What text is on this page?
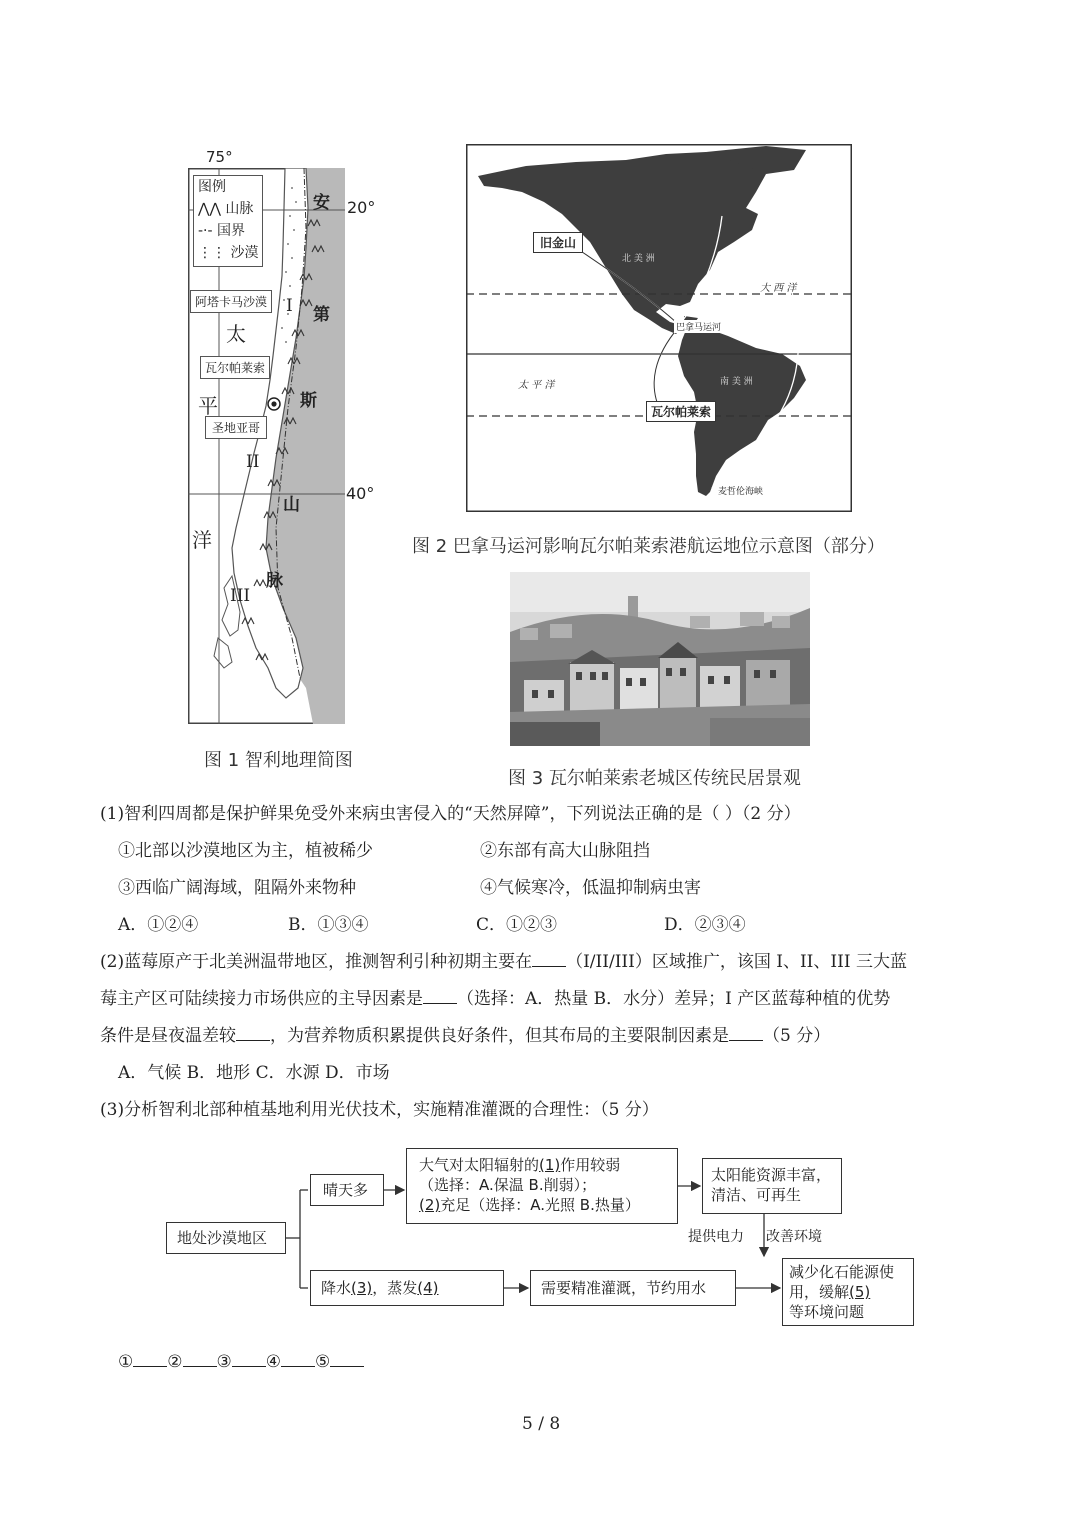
75°
20°
40°
图例
⋀⋀ 山脉
-·- 国界
⋮⋮ 沙漠
阿塔卡马沙漠
瓦尔帕莱索
圣地亚哥
I
II
III
太
平
洋
安
第
斯
山
脉
图 1 智利地理简图
旧金山
北 美 洲
大 西 洋
巴拿马运河
太 平 洋	南 美 洲
瓦尔帕莱索
麦哲伦海峡
图 2 巴拿马运河影响瓦尔帕莱索港航运地位示意图（部分）
图 3 瓦尔帕莱索老城区传统民居景观
(1)智利四周都是保护鲜果免受外来病虫害侵入的“天然屏障”，下列说法正确的是（ ）（2 分）
①北部以沙漠地区为主，植被稀少	②东部有高大山脉阻挡
③西临广阔海域，阻隔外来物种	④气候寒冷，低温抑制病虫害
A．①②④	B．①③④	C．①②③	D．②③④
(2)蓝莓原产于北美洲温带地区，推测智利引种初期主要在 （I/II/III）区域推广，该国 I、II、III 三大蓝
莓主产区可陆续接力市场供应的主导因素是 （选择：A．热量 B．水分）差异；I 产区蓝莓种植的优势
条件是昼夜温差较 ，为营养物质积累提供良好条件，但其布局的主要限制因素是 （5 分）
A．气候 B．地形 C．水源 D．市场
(3)分析智利北部种植基地利用光伏技术，实施精准灌溉的合理性：（5 分）
地处沙漠地区
晴天多
大气对太阳辐射的(1)作用较弱
（选择：A.保温 B.削弱）；
(2)充足（选择：A.光照 B.热量）
太阳能资源丰富，
清洁、可再生
提供电力 改善环境
降水(3)，蒸发(4)	需要精准灌溉，节约用水
减少化石能源使
用，缓解(5)
等环境问题
① ② ③ ④ ⑤
5 / 8
